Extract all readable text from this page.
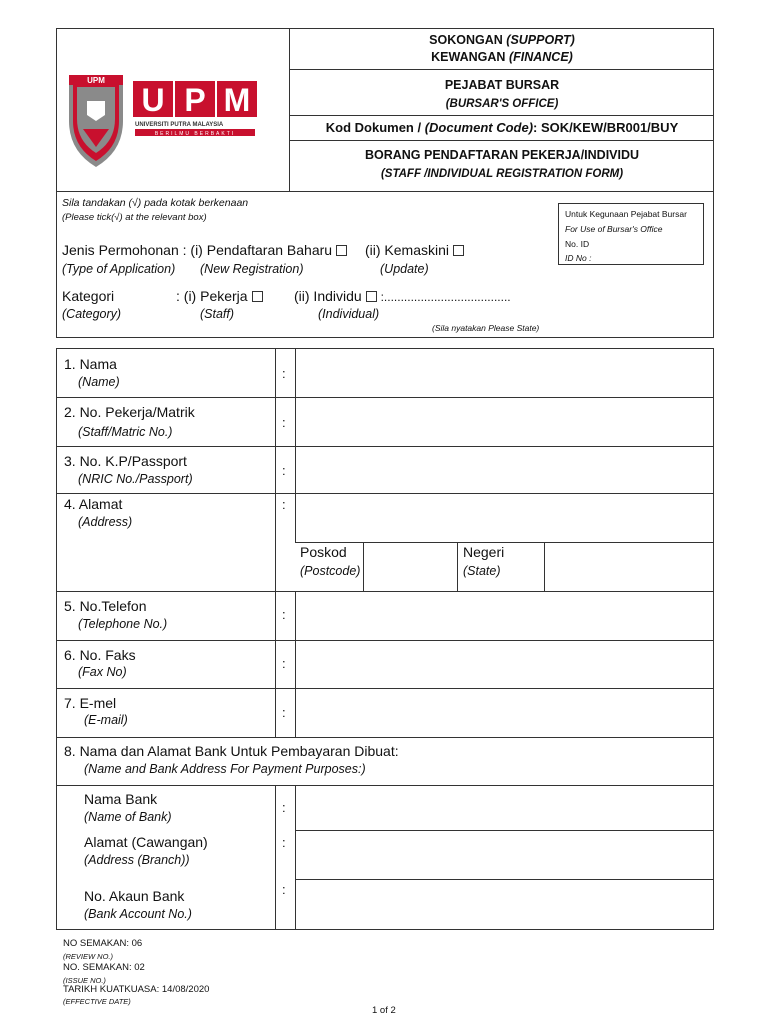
UPM
U P M
UNIVERSITI PUTRA MALAYSIA
BERILMU BERBAKTI
SOKONGAN (SUPPORT)
KEWANGAN (FINANCE)
PEJABAT BURSAR
(BURSAR'S OFFICE)
Kod Dokumen / (Document Code): SOK/KEW/BR001/BUY
BORANG PENDAFTARAN PEKERJA/INDIVIDU
(STAFF /INDIVIDUAL REGISTRATION FORM)
Sila tandakan (√) pada kotak berkenaan
(Please tick(√) at the relevant box)	Untuk Kegunaan Pejabat Bursar
For Use of Bursar's Office
No. ID
ID No :
Jenis Permohonan : (i) Pendaftaran Baharu	(ii) Kemaskini
(Type of Application) (New Registration)	(Update)
Kategori	: (i) Pekerja	(ii) Individu :......................................
(Category)	(Staff)	(Individual)
(Sila nyatakan Please State)
1. Nama
(Name)
:
2. No. Pekerja/Matrik
(Staff/Matric No.)
:
3. No. K.P/Passport
(NRIC No./Passport)
:
4. Alamat
(Address)
:
Poskod
(Postcode)
Negeri
(State)
5. No.Telefon
(Telephone No.)
:
6. No. Faks
(Fax No)
:
7. E-mel
(E-mail)	:
8. Nama dan Alamat Bank Untuk Pembayaran Dibuat:
(Name and Bank Address For Payment Purposes:)
Nama Bank
(Name of Bank)
:
Alamat (Cawangan)
(Address (Branch))
:
No. Akaun Bank
(Bank Account No.)
:
NO SEMAKAN: 06
(REVIEW NO.)
NO. SEMAKAN: 02
(ISSUE NO.)
TARIKH KUATKUASA: 14/08/2020
(EFFECTIVE DATE)
1 of 2
